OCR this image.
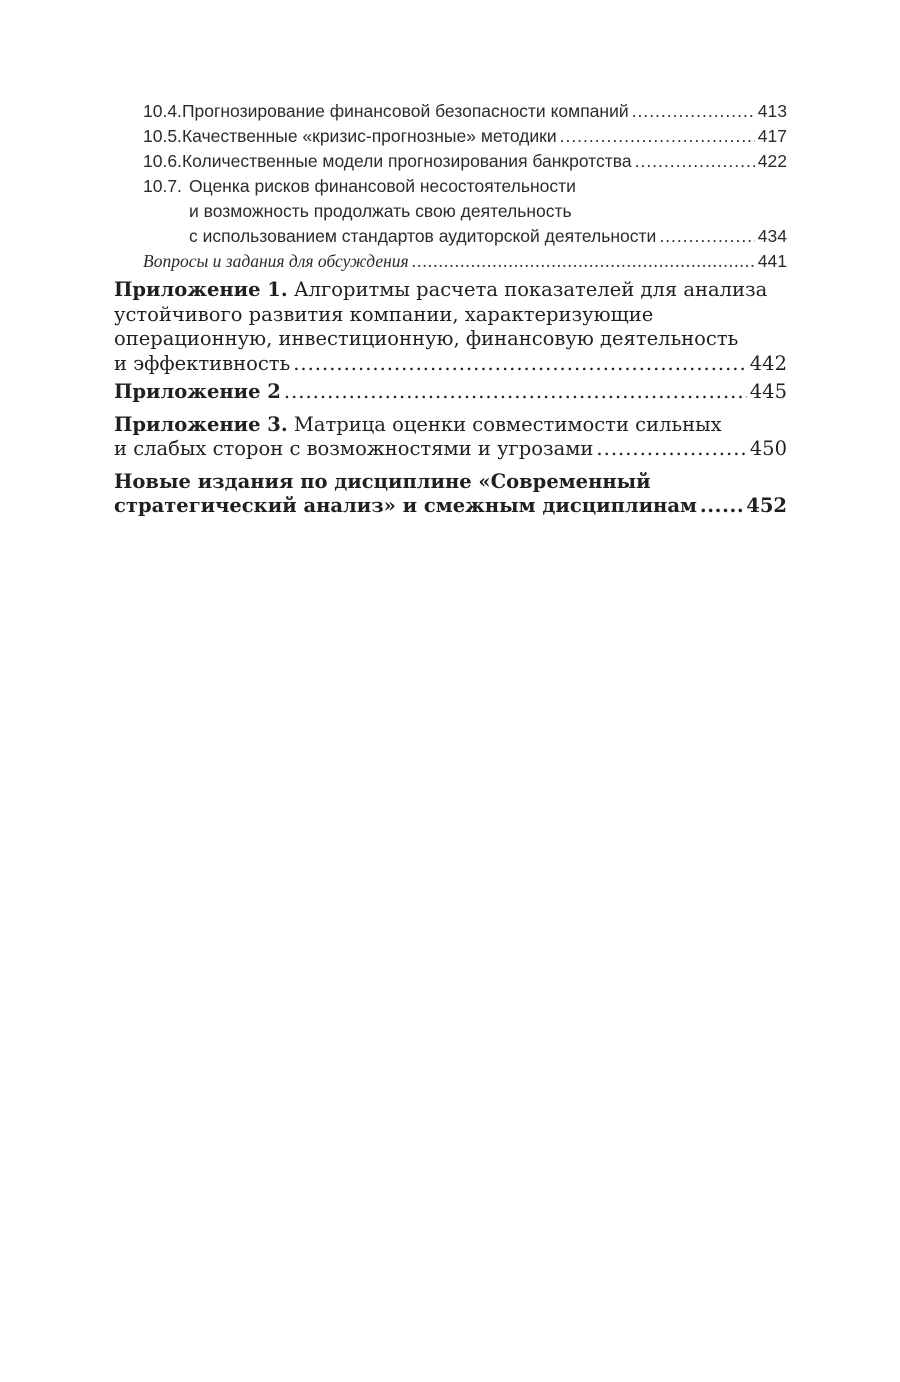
10.4. Прогнозирование финансовой безопасности компаний .....	413
10.5. Качественные «кризис-прогнозные» методики .....	417
10.6. Количественные модели прогнозирования банкротства .....	422
10.7. Оценка рисков финансовой несостоятельности
и возможность продолжать свою деятельность
с использованием стандартов аудиторской деятельности .....	434
Вопросы и задания для обсуждения .....	441
Приложение 1.
Алгоритмы расчета показателей для анализа
устойчивого развития компании, характеризующие
операционную, инвестиционную, финансовую деятельность
и эффективность .....	442
Приложение 2 .....	445
Приложение 3.
Матрица оценки совместимости сильных
и слабых сторон с возможностями и угрозами .....	450
Новые издания по дисциплине «Современный
стратегический анализ» и смежным дисциплинам .....	452
